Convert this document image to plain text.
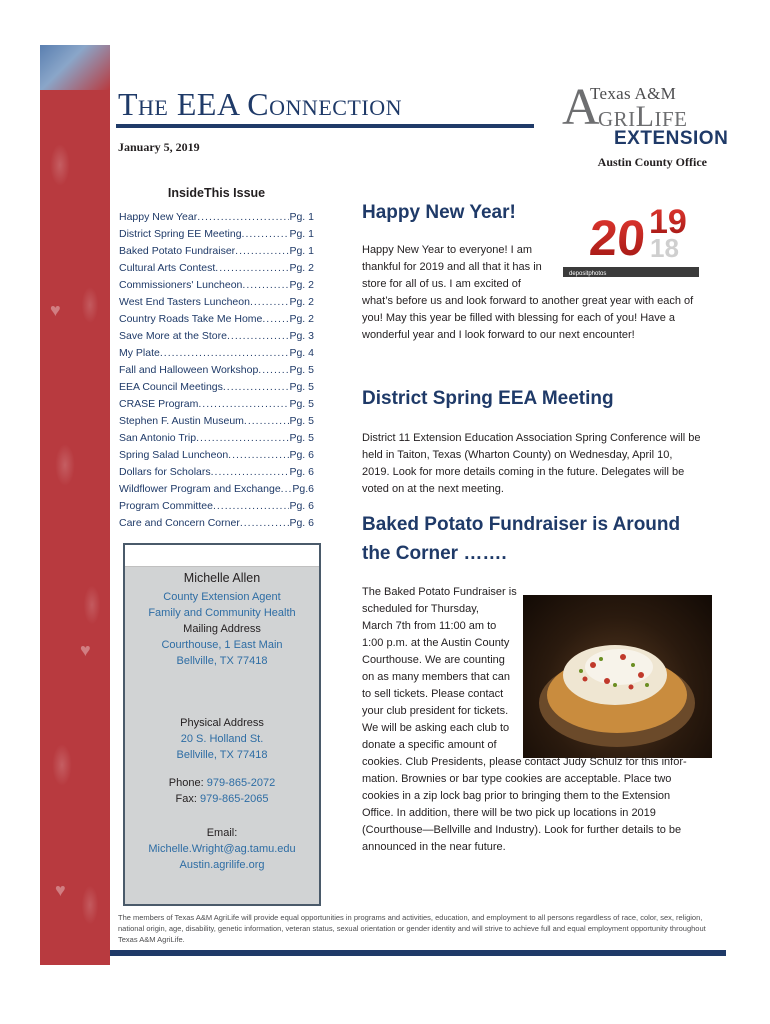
♥
♥
♥
The EEA Connection
January 5, 2019
A
Texas A&M
griLife
EXTENSION
Austin County Office
InsideThis Issue
Happy New Year .....	Pg. 1
District Spring EE Meeting .....	Pg. 1
Baked Potato Fundraiser .....	Pg. 1
Cultural Arts Contest .....	Pg. 2
Commissioners' Luncheon .....	Pg. 2
West End Tasters Luncheon .....	Pg. 2
Country Roads Take Me Home .....	Pg. 2
Save More at the Store .....	Pg. 3
My Plate .....	Pg. 4
Fall and Halloween Workshop .....	Pg. 5
EEA Council Meetings .....	Pg. 5
CRASE Program .....	Pg. 5
Stephen F. Austin Museum .....	Pg. 5
San Antonio Trip .....	Pg. 5
Spring Salad Luncheon .....	Pg. 6
Dollars for Scholars .....	Pg. 6
Wildflower Program and Exchange ..... Pg.6
Program Committee .....	Pg. 6
Care and Concern Corner .....	Pg. 6
Michelle Allen
County Extension Agent
Family and Community Health
Mailing Address
Courthouse, 1 East Main
Bellville, TX 77418
Physical Address
20 S. Holland St.
Bellville, TX 77418
Phone: 979-865-2072
Fax: 979-865-2065
Email:
Michelle.Wright@ag.tamu.edu
Austin.agrilife.org
Happy New Year!
Happy New Year to everyone! I am
thankful for 2019 and all that it has in
store for all of us. I am excited of
what’s before us and look forward to another great year with each of
you! May this year be filled with blessing for each of you! Have a
wonderful year and I look forward to our next encounter!
20 19
18
depositphotos
District Spring EEA Meeting
District 11 Extension Education Association Spring Conference will be
held in Taiton, Texas (Wharton County) on Wednesday, April 10,
2019. Look for more details coming in the future. Delegates will be
voted on at the next meeting.
Baked Potato Fundraiser is Around
the Corner …….
The Baked Potato Fundraiser is
scheduled for Thursday,
March 7th from 11:00 am to
1:00 p.m. at the Austin County
Courthouse. We are counting
on as many members that can
to sell tickets. Please contact
your club president for tickets.
We will be asking each club to
donate a specific amount of
cookies. Club Presidents, please contact Judy Schulz for this infor-
mation. Brownies or bar type cookies are acceptable. Place two
cookies in a zip lock bag prior to bringing them to the Extension
Office. In addition, there will be two pick up locations in 2019
(Courthouse—Bellville and Industry). Look for further details to be
announced in the near future.
The members of Texas A&M AgriLife will provide equal opportunities in programs and activities, education, and employment to all persons regardless of race, color, sex, religion, national origin, age, disability, genetic information, veteran status, sexual orientation or gender identity and will strive to achieve full and equal employment opportunity throughout Texas A&M AgriLife.
